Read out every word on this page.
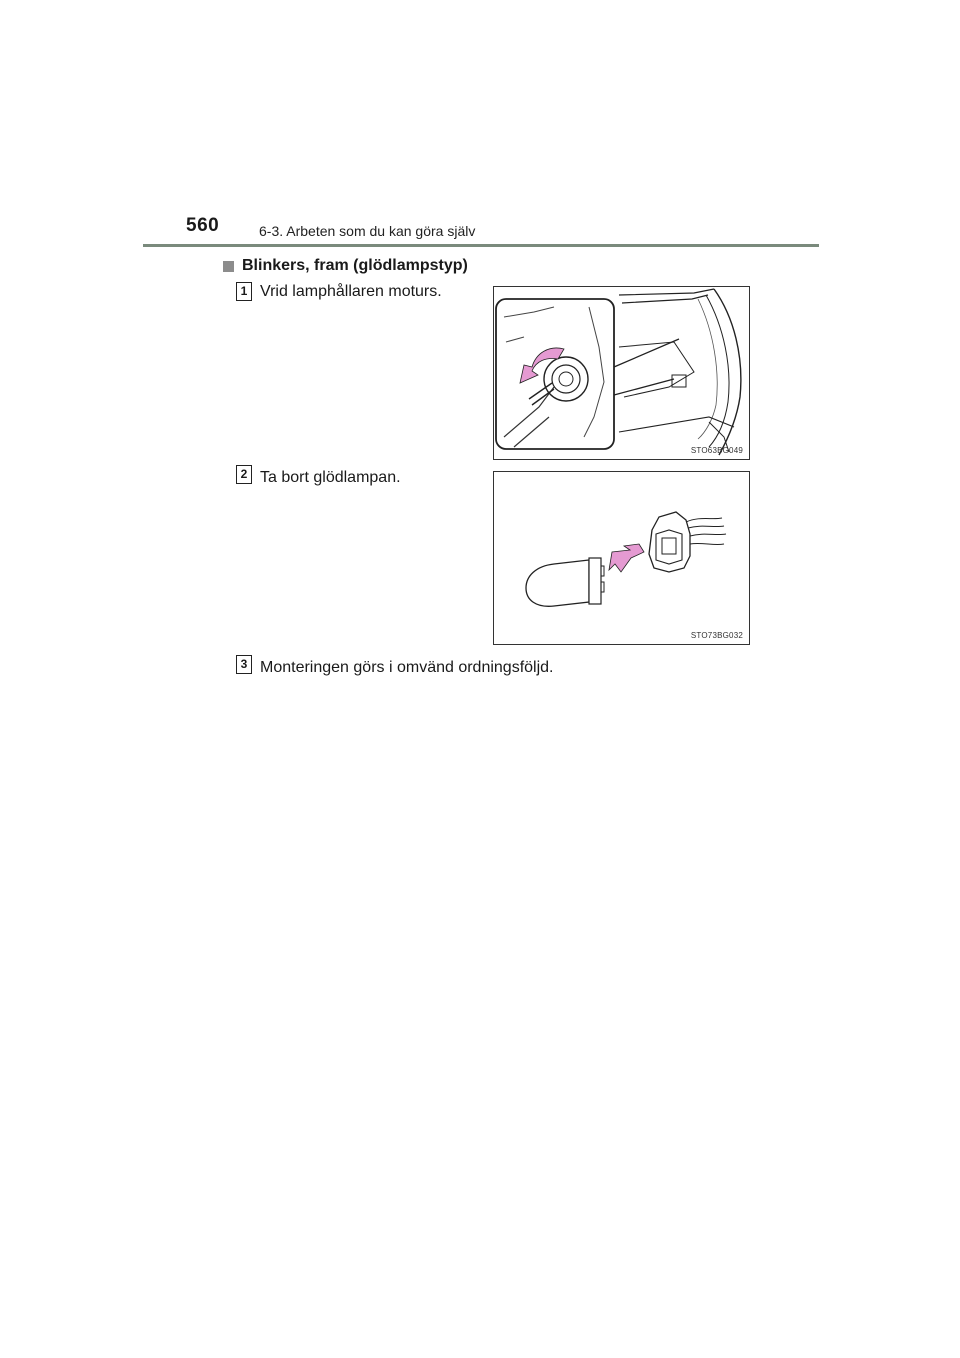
560	6-3. Arbeten som du kan göra själv
Blinkers, fram (glödlampstyp)
1 Vrid lamphållaren moturs.
STO63BG049
2 Ta bort glödlampan.
STO73BG032
3 Monteringen görs i omvänd ordningsföljd.
